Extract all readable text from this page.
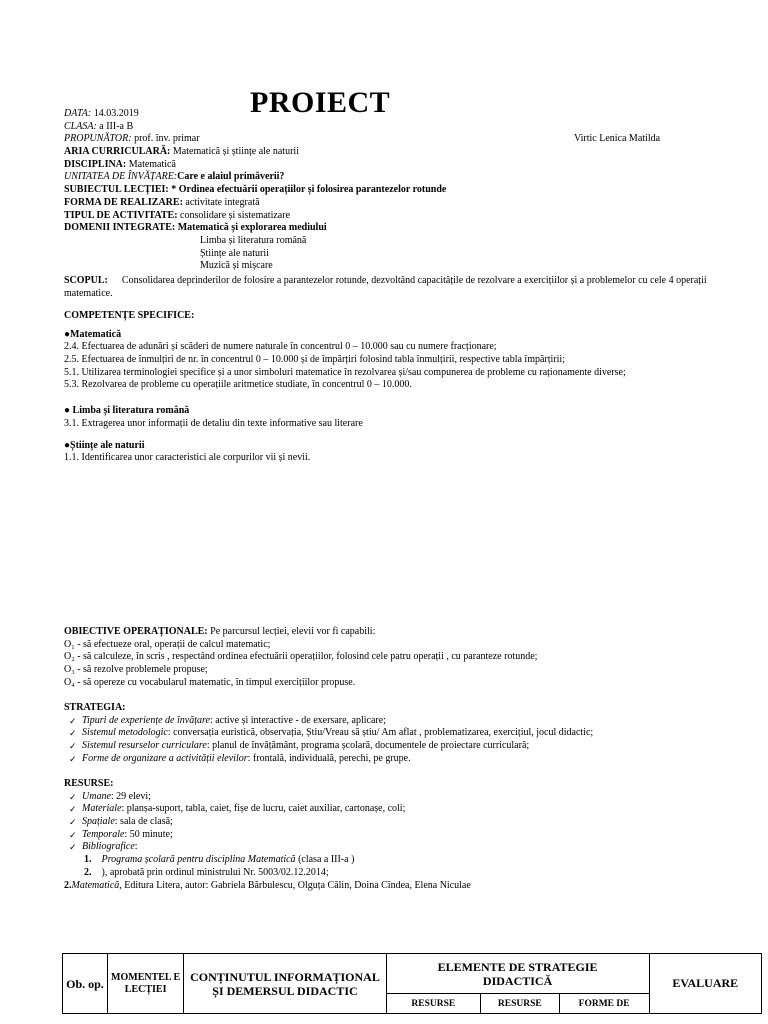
PROIECT
DATA: 14.03.2019
CLASA: a III-a B
PROPUNĂTOR: prof. înv. primar	Virtic Lenica Matilda
ARIA CURRICULARĂ: Matematică și științe ale naturii
DISCIPLINA: Matematică
UNITATEA DE ÎNVĂȚARE:Care e alaiul primăverii?
SUBIECTUL LECȚIEI: * Ordinea efectuării operațiilor și folosirea parantezelor rotunde
FORMA DE REALIZARE: activitate integrată
TIPUL DE ACTIVITATE: consolidare și sistematizare
DOMENII INTEGRATE: Matematică și explorarea mediului
Limba și literatura română
Științe ale naturii
Muzică și mișcare
SCOPUL: Consolidarea deprinderilor de folosire a parantezelor rotunde, dezvoltând capacitățile de rezolvare a exercițiilor și a problemelor cu cele 4 operații matematice.
COMPETENȚE SPECIFICE:
●Matematică
2.4. Efectuarea de adunări și scăderi de numere naturale în concentrul 0 – 10.000 sau cu numere fracționare;
2.5. Efectuarea de înmulțiri de nr. în concentrul 0 – 10.000 și de împărțiri folosind tabla înmulțirii, respective tabla împărțirii;
5.1. Utilizarea terminologiei specifice și a unor simboluri matematice în rezolvarea și/sau compunerea de probleme cu raționamente diverse;
5.3. Rezolvarea de probleme cu operațiile aritmetice studiate, în concentrul 0 – 10.000.
● Limba și literatura română
3.1. Extragerea unor informații de detaliu din texte informative sau literare
●Științe ale naturii
1.1. Identificarea unor caracteristici ale corpurilor vii și nevii.
OBIECTIVE OPERAȚIONALE: Pe parcursul lecției, elevii vor fi capabili:
O₁ - să efectueze oral, operații de calcul matematic;
O₂ - să calculeze, în scris , respectând ordinea efectuării operațiilor, folosind cele patru operații , cu paranteze rotunde;
O₃ - să rezolve problemele propuse;
O₄ - să opereze cu vocabularul matematic, în timpul exercițiilor propuse.
STRATEGIA:
✓ Tipuri de experiențe de învățare: active și interactive - de exersare, aplicare;
✓ Sistemul metodologic: conversația euristică, observația, Știu/Vreau să știu/ Am aflat , problematizarea, exercițiul, jocul didactic;
✓ Sistemul resurselor curriculare: planul de învățământ, programa școlară, documentele de proiectare curriculară;
✓ Forme de organizare a activității elevilor: frontală, individuală, perechi, pe grupe.
RESURSE:
✓ Umane: 29 elevi;
✓ Materiale: planșa-suport, tabla, caiet, fișe de lucru, caiet auxiliar, cartonașe, coli;
✓ Spațiale: sala de clasă;
✓ Temporale: 50 minute;
✓ Bibliografice:
1. Programa școlară pentru disciplina Matematică (clasa a III-a )
2. ), aprobată prin ordinul ministrului Nr. 5003/02.12.2014;
2.Matematică, Editura Litera, autor: Gabriela Bărbulescu, Olguța Călin, Doina Cîndea, Elena Niculae
Ob. op.	MOMENTEL E LECȚIEI	CONȚINUTUL INFORMAȚIONAL ȘI DEMERSUL DIDACTIC	ELEMENTE DE STRATEGIE DIDACTICĂ			EVALUARE
			RESURSE	RESURSE	FORME DE	
